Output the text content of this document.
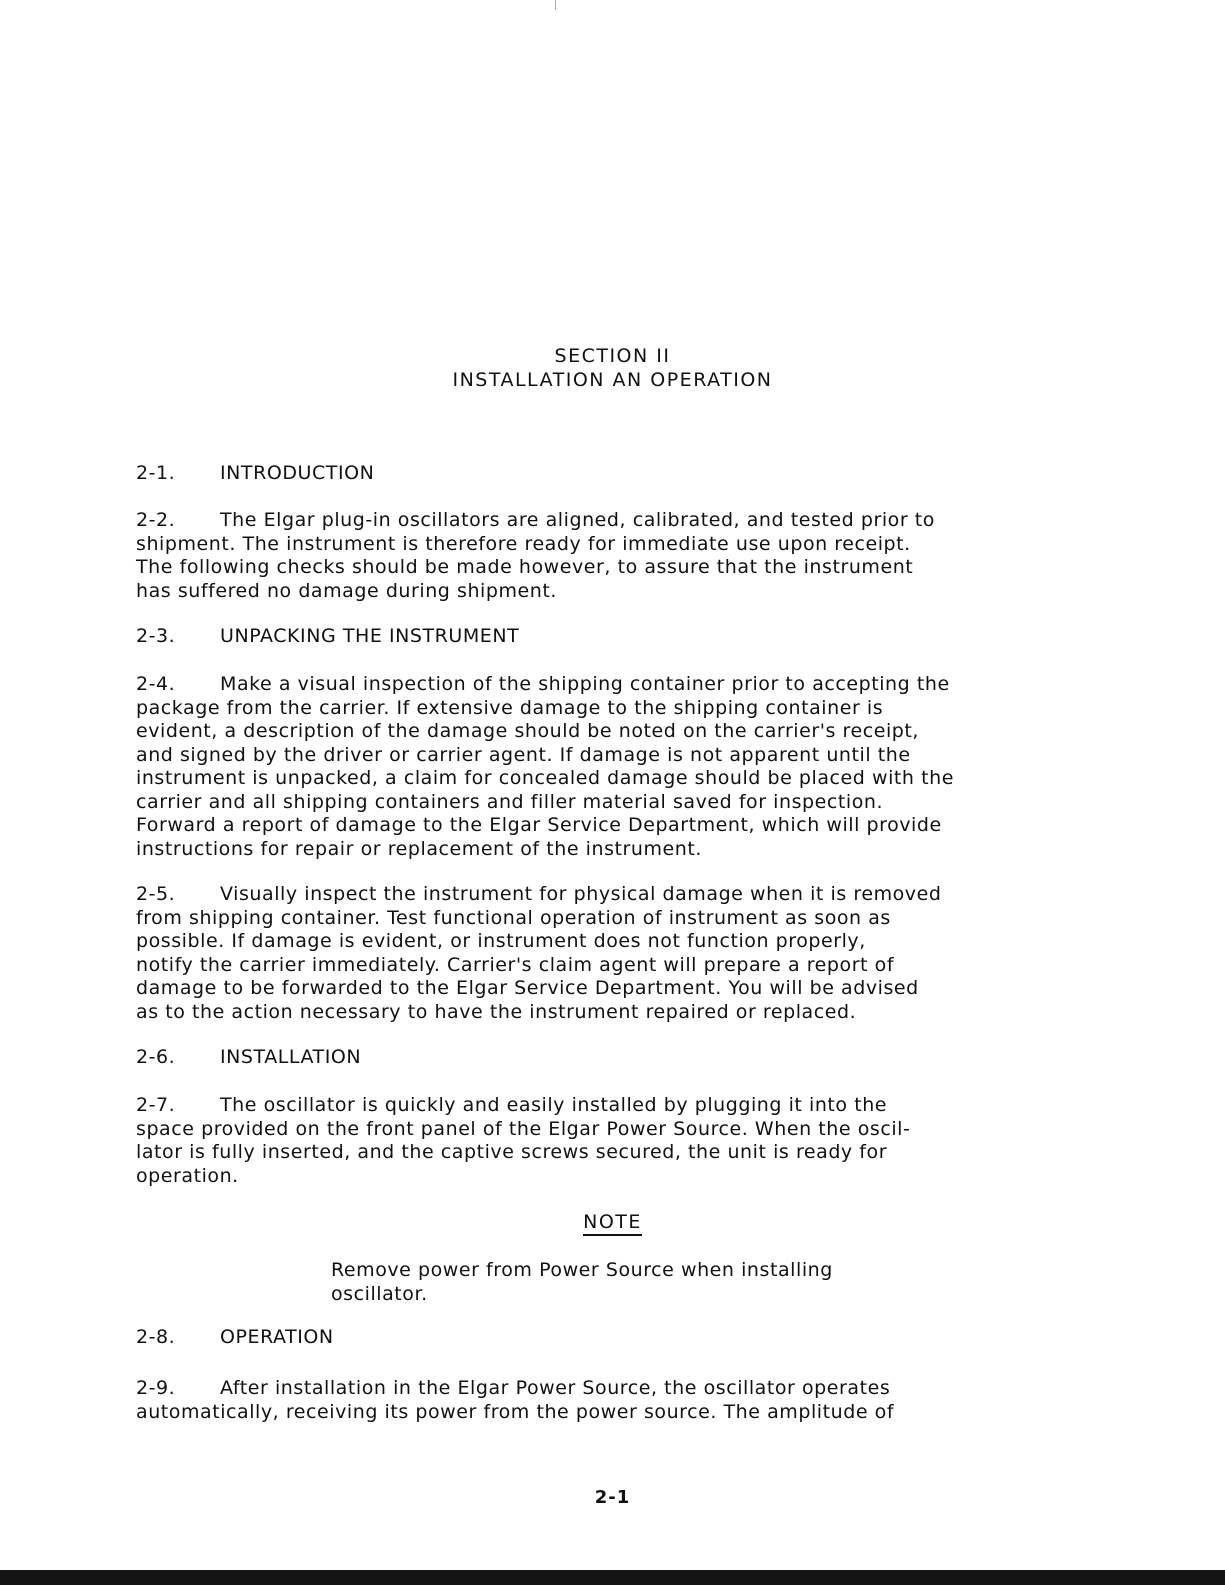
SECTION II
INSTALLATION AN OPERATION
2-1. INTRODUCTION
2-2. The Elgar plug-in oscillators are aligned, calibrated, and tested prior to
shipment. The instrument is therefore ready for immediate use upon receipt.
The following checks should be made however, to assure that the instrument
has suffered no damage during shipment.
2-3. UNPACKING THE INSTRUMENT
2-4. Make a visual inspection of the shipping container prior to accepting the
package from the carrier. If extensive damage to the shipping container is
evident, a description of the damage should be noted on the carrier's receipt,
and signed by the driver or carrier agent. If damage is not apparent until the
instrument is unpacked, a claim for concealed damage should be placed with the
carrier and all shipping containers and filler material saved for inspection.
Forward a report of damage to the Elgar Service Department, which will provide
instructions for repair or replacement of the instrument.
2-5. Visually inspect the instrument for physical damage when it is removed
from shipping container. Test functional operation of instrument as soon as
possible. If damage is evident, or instrument does not function properly,
notify the carrier immediately. Carrier's claim agent will prepare a report of
damage to be forwarded to the Elgar Service Department. You will be advised
as to the action necessary to have the instrument repaired or replaced.
2-6. INSTALLATION
2-7. The oscillator is quickly and easily installed by plugging it into the
space provided on the front panel of the Elgar Power Source. When the oscil-
lator is fully inserted, and the captive screws secured, the unit is ready for
operation.
NOTE
Remove power from Power Source when installing
oscillator.
2-8. OPERATION
2-9. After installation in the Elgar Power Source, the oscillator operates
automatically, receiving its power from the power source. The amplitude of
2-1
